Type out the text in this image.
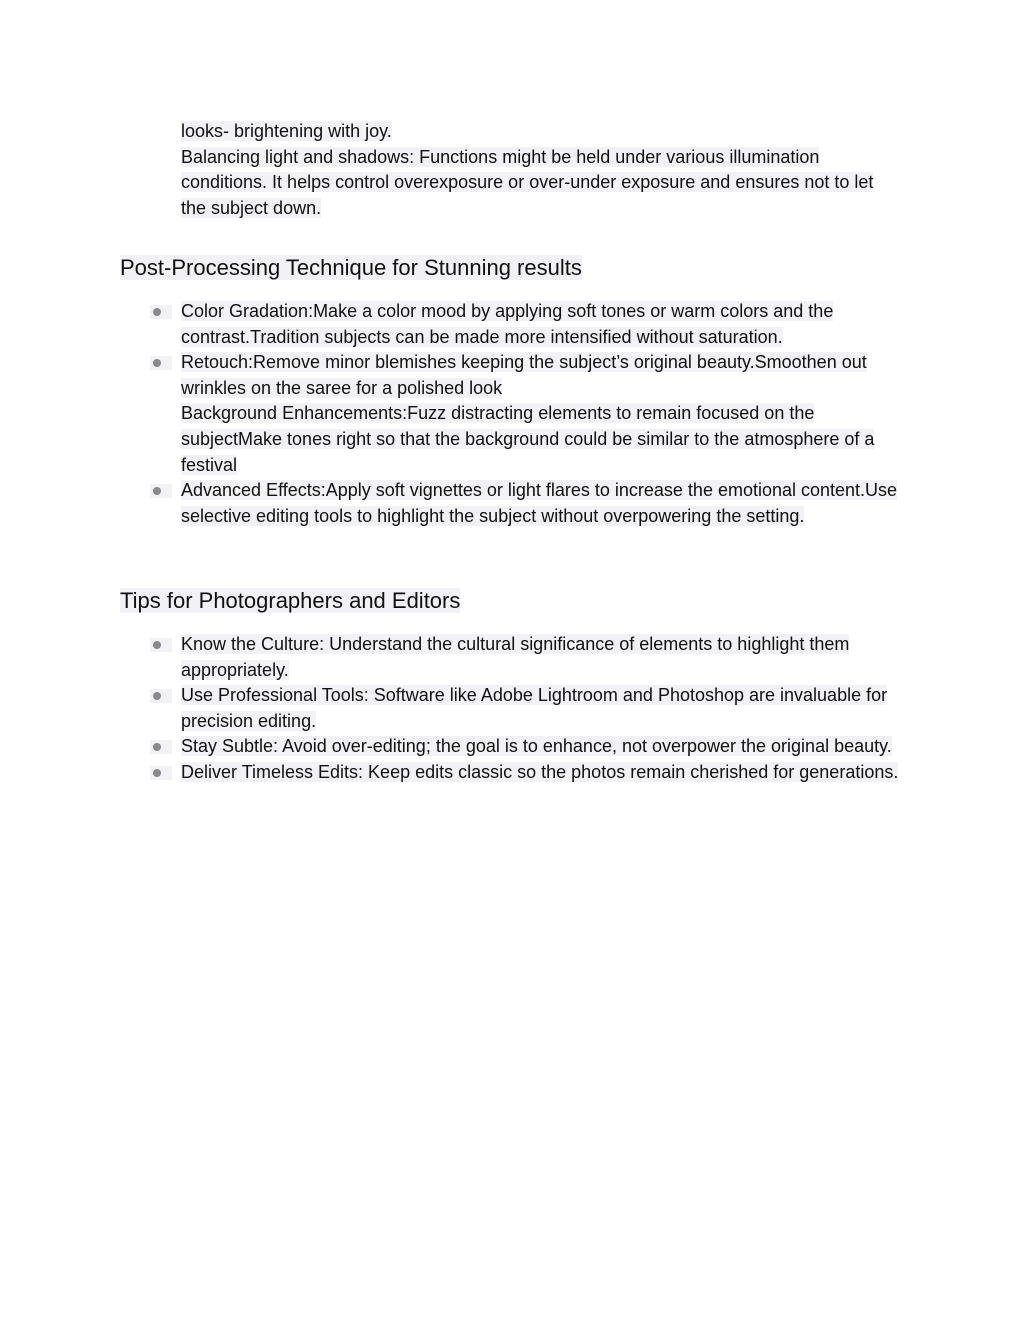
looks- brightening with joy.
Balancing light and shadows: Functions might be held under various illumination conditions. It helps control overexposure or over-under exposure and ensures not to let the subject down.
Post-Processing Technique for Stunning results
Color Gradation:Make a color mood by applying soft tones or warm colors and the contrast.Tradition subjects can be made more intensified without saturation.
Retouch:Remove minor blemishes keeping the subject’s original beauty.Smoothen out wrinkles on the saree for a polished look
Background Enhancements:Fuzz distracting elements to remain focused on the subjectMake tones right so that the background could be similar to the atmosphere of a festival
Advanced Effects:Apply soft vignettes or light flares to increase the emotional content.Use selective editing tools to highlight the subject without overpowering the setting.
Tips for Photographers and Editors
Know the Culture: Understand the cultural significance of elements to highlight them appropriately.
Use Professional Tools: Software like Adobe Lightroom and Photoshop are invaluable for precision editing.
Stay Subtle: Avoid over-editing; the goal is to enhance, not overpower the original beauty.
Deliver Timeless Edits: Keep edits classic so the photos remain cherished for generations.
